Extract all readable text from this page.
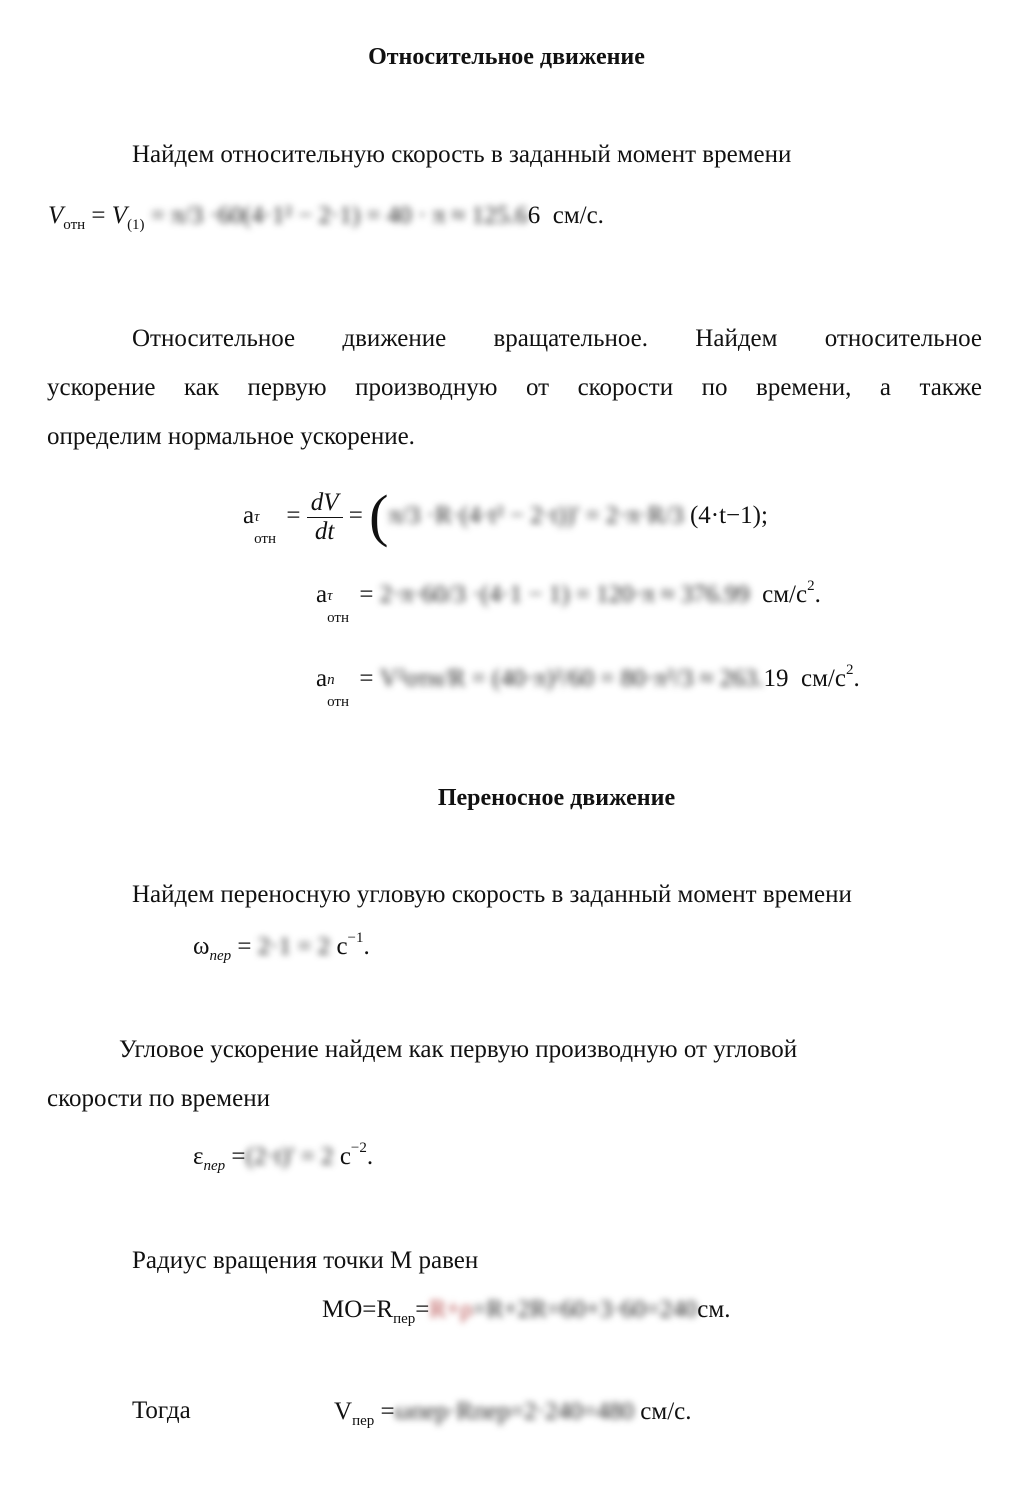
Относительное движение
Найдем относительную скорость в заданный момент времени
$V_{отн} = V_{(1)} = \pi/3 \cdot 60(4\cdot 1^2 - 2\cdot 1) = 40 \cdot \pi \approx 125.66$ см/с.
Относительное движение вращательное. Найдем относительное
ускорение как первую производную от скорости по времени, а также
определим нормальное ускорение.
a τ
отн
= $\frac{dV}{dt} = (\pi/3 \cdot R\cdot(4\cdot t^2 - 2\cdot t))' = 2\cdot\pi\cdot R/3$ (4·t−1);
a τ
отн
= 2·π·60/3 ·(4·1 − 1) = 120·π ≈ 376.99 $см/с^2$.
a n
отн
= V²отн/R = (40·π)²/60 = 80·π²/3 ≈ 263.19 $см/с^2$.
Переносное движение
Найдем переносную угловую скорость в заданный момент времени
$\omega_{пер} = 2\cdot 1 = 2$ $с^{-1}$.
Угловое ускорение найдем как первую производную от угловой
скорости по времени
$\varepsilon_{пер} =(2\cdot t)' = 2$ $с^{-2}$.
Радиус вращения точки М равен
$MO=R_{пер}=R+\rho=R+2R=60+3\cdot 60=240см$.
Тогда	$V_{пер}$ =ωпер·Rпер=2·240=480 см/с.
